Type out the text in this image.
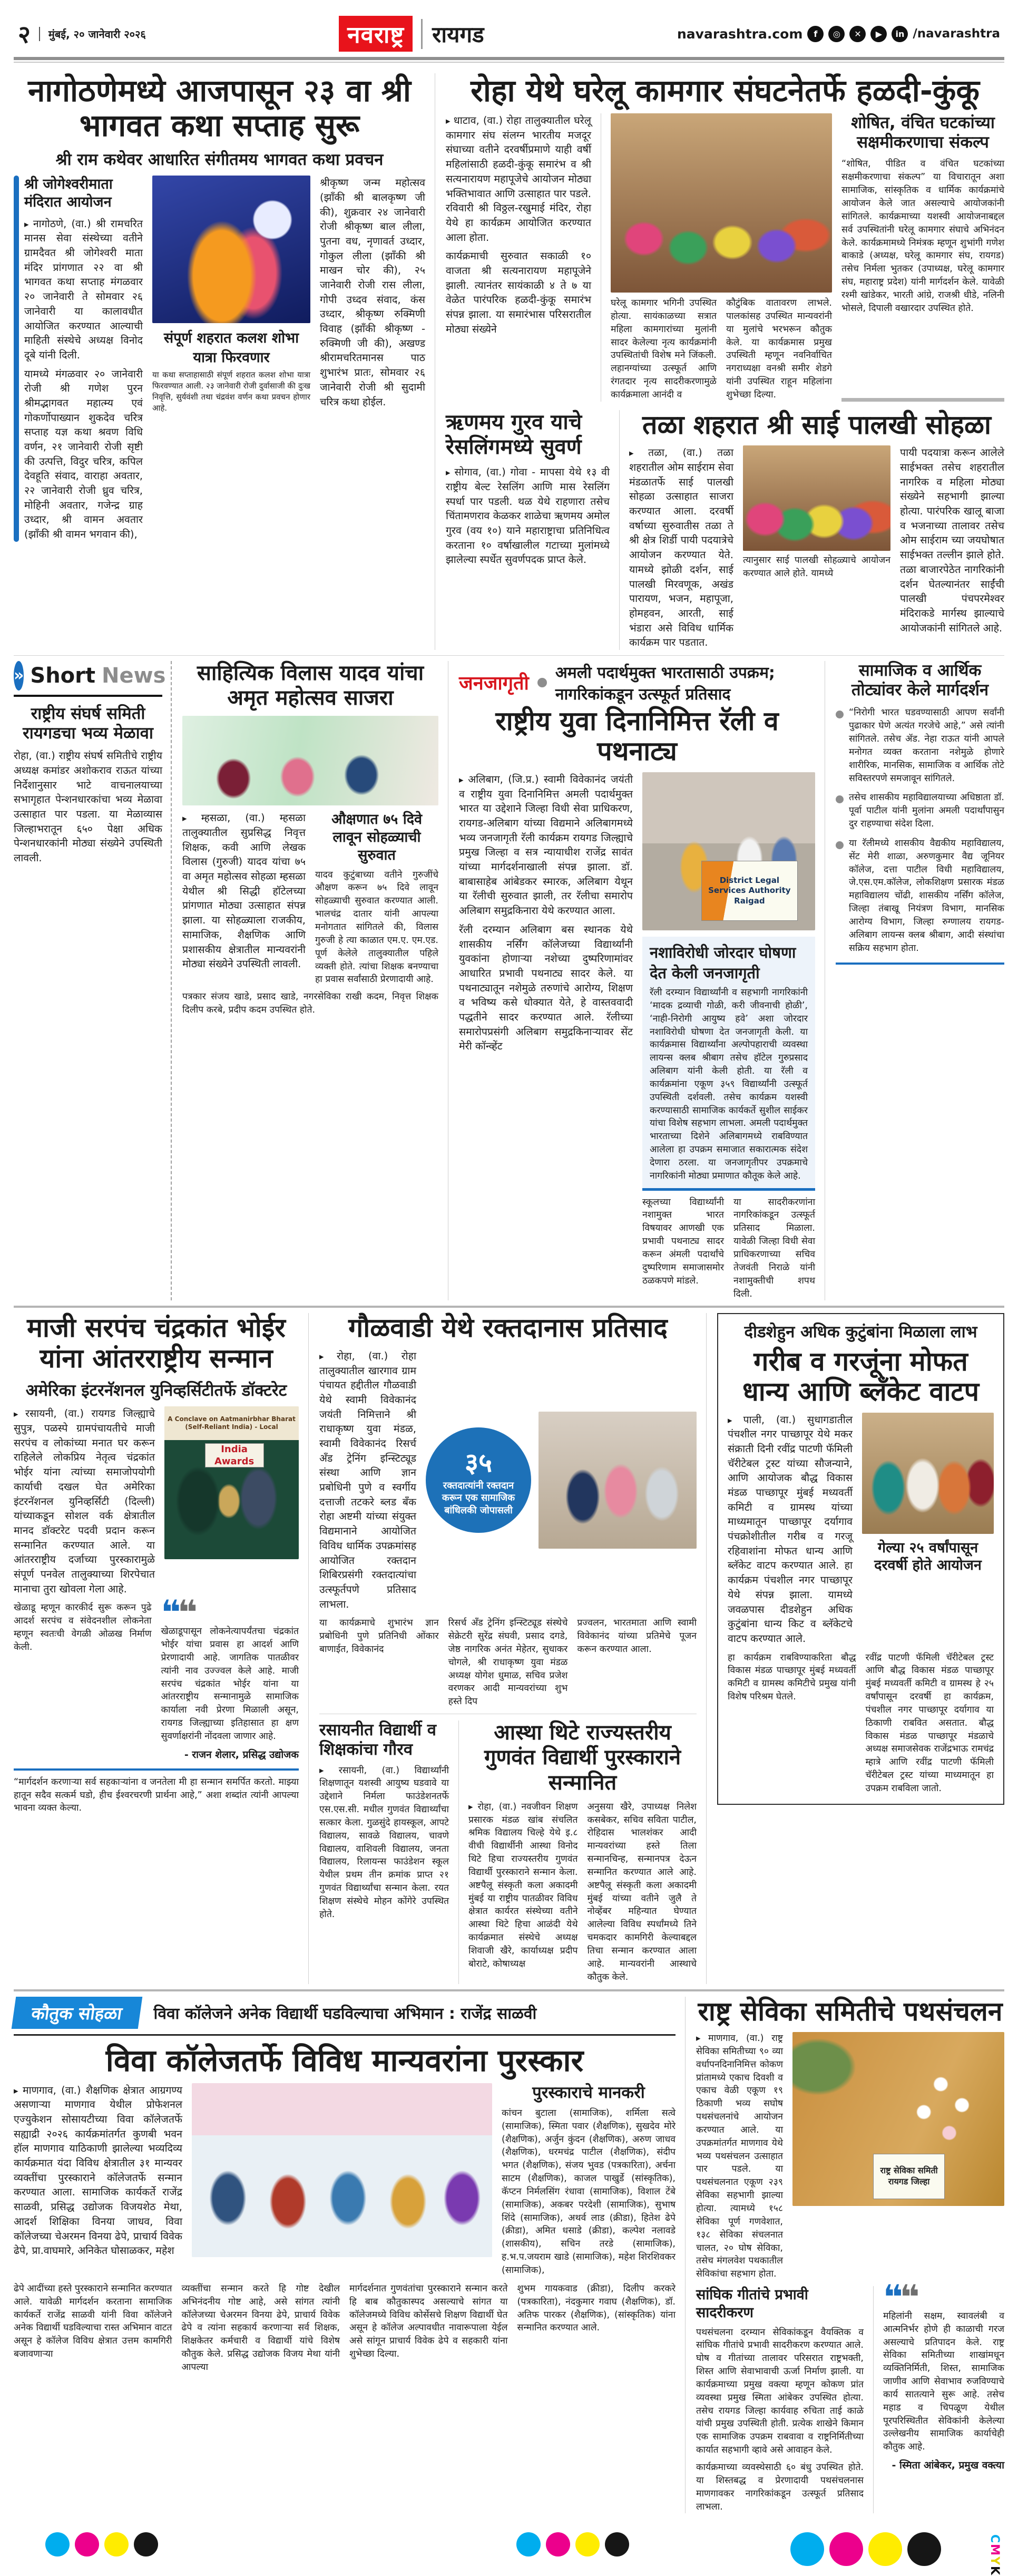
२	मुंबई, २० जानेवारी २०२६	नवराष्ट्र	रायगड	navarashtra.com	f	◎	✕	▶	in /navarashtra
नागोठणेमध्ये आजपासून २३ वा श्री भागवत कथा सप्ताह सुरू
श्री राम कथेवर आधारित संगीतमय भागवत कथा प्रवचन
श्री जोगेश्वरीमाता मंदिरात आयोजन

▸ नागोठणे, (वा.) श्री रामचरित मानस सेवा संस्थेच्या वतीने ग्रामदैवत श्री जोगेश्वरी माता मंदिर प्रांगणात २२ वा श्री भागवत कथा सप्ताह मंगळवार २० जानेवारी ते सोमवार २६ जानेवारी या कालावधीत आयोजित करण्यात आल्याची माहिती संस्थेचे अध्यक्ष विनोद दूबे यांनी दिली.

यामध्ये मंगळवार २० जानेवारी रोजी श्री गणेश पुरन श्रीमद्भागवत महात्म्य एवं गोकर्णोपाख्यान शुकदेव चरित्र सप्ताह यज्ञ कथा श्रवण विधि वर्णन, २१ जानेवारी रोजी सृष्टी की उत्पत्ति, विदुर चरित्र, कपिल देवहूति संवाद, वाराहा अवतार, २२ जानेवारी रोजी ध्रुव चरित्र, मोहिनी अवतार, गजेन्द्र ग्राह उध्दार, श्री वामन अवतार (झाँकी श्री वामन भगवान की),

संपूर्ण शहरात कलश शोभा यात्रा फिरवणार

या कथा सप्ताहासाठी संपूर्ण शहरात कलश शोभा यात्रा फिरवण्यात आली. २३ जानेवारी रोजी दुर्वासाजी की दुःख निवृत्ति, सुर्यवंशी तथा चंद्रवंश वर्णन कथा प्रवचन होणार आहे.

श्रीकृष्ण जन्म महोत्सव (झाँकी श्री बालकृष्ण जी की), शुक्रवार २४ जानेवारी रोजी श्रीकृष्ण बाल लीला, पुतना वध, नृणावर्त उध्दार, गोकुल लीला (झाँकी श्री माखन चोर की), २५ जानेवारी रोजी रास लीला, गोपी उध्दव संवाद, कंस उध्दार, श्रीकृष्ण रुक्मिणी विवाह (झाँकी श्रीकृष्ण - रुक्मिणी जी की), अखण्ड श्रीरामचरितमानस पाठ शुभारंभ प्रातः, सोमवार २६ जानेवारी रोजी श्री सुदामी चरित्र कथा होईल.

रोहा येथे घरेलू कामगार संघटनेतर्फे हळदी-कुंकू

▸ धाटाव, (वा.) रोहा तालुक्यातील घरेलू कामगार संघ संलग्न भारतीय मजदूर संघाच्या वतीने दरवर्षीप्रमाणे याही वर्षी महिलांसाठी हळदी-कुंकू समारंभ व श्री सत्यनारायण महापूजेचे आयोजन मोठ्या भक्तिभावात आणि उत्साहात पार पडले. रविवारी श्री विठ्ठल-रखुमाई मंदिर, रोहा येथे हा कार्यक्रम आयोजित करण्यात आला होता.

कार्यक्रमाची सुरुवात सकाळी १० वाजता श्री सत्यनारायण महापूजेने झाली. त्यानंतर सायंकाळी ४ ते ७ या वेळेत पारंपरिक हळदी-कुंकू समारंभ संपन्न झाला. या समारंभास परिसरातील मोठ्या संख्येने

घरेलू कामगार भगिनी उपस्थित होत्या. सायंकाळच्या सत्रात महिला कामगारांच्या मुलांनी सादर केलेल्या नृत्य कार्यक्रमांनी उपस्थितांची विशेष मने जिंकली. लहानग्यांच्या उत्स्फूर्त आणि रंगतदार नृत्य सादरीकरणामुळे कार्यक्रमाला आनंदी व

कौटुंबिक वातावरण लाभले. पालकांसह उपस्थित मान्यवरांनी या मुलांचे भरभरून कौतुक केले. या कार्यक्रमास प्रमुख उपस्थिती म्हणून नवनिर्वाचित नगराध्यक्षा वनश्री समीर शेडगे यांनी उपस्थित राहून महिलांना शुभेच्छा दिल्या.

शोषित, वंचित घटकांच्या सक्षमीकरणाचा संकल्प

“शोषित, पीडित व वंचित घटकांच्या सक्षमीकरणाचा संकल्प” या विचारातून अशा सामाजिक, सांस्कृतिक व धार्मिक कार्यक्रमांचे आयोजन केले जात असल्याचे आयोजकांनी सांगितले. कार्यक्रमाच्या यशस्वी आयोजनाबद्दल सर्व उपस्थितांनी घरेलू कामगार संघाचे अभिनंदन केले. कार्यक्रमामध्ये निमंत्रक म्हणून शुभांगी गणेश बाकाडे (अध्यक्ष, घरेलू कामगार संघ, रायगड) तसेच निर्मला भुतकर (उपाध्यक्ष, घरेलू कामगार संघ, महाराष्ट्र प्रदेश) यांनी मार्गदर्शन केले. यावेळी रश्मी खांडेकर, भारती आंग्रे, राजश्री धीडे, नलिनी भोसले, दिपाली वखारदार उपस्थित होते.

ऋणमय गुरव याचे रेसलिंगमध्ये सुवर्ण

▸ सोगाव, (वा.) गोवा - मापसा येथे १३ वी राष्ट्रीय बेल्ट रेसलिंग आणि मास रेसलिंग स्पर्धा पार पडली. थळ येथे राहणारा तसेच चिंतामणराव केळकर शाळेचा ऋणमय अमोल गुरव (वय १०) याने महाराष्ट्राचा प्रतिनिधित्व करताना १० वर्षाखालील गटाच्या मुलांमध्ये झालेल्या स्पर्धेत सुवर्णपदक प्राप्त केले.

तळा शहरात श्री साई पालखी सोहळा

▸ तळा, (वा.) तळा शहरातील ओम साईराम सेवा मंडळातर्फे साई पालखी सोहळा उत्साहात साजरा करण्यात आला. दरवर्षी वर्षाच्या सुरुवातीस तळा ते श्री क्षेत्र शिर्डी पायी पदयात्रेचे आयोजन करण्यात येते. यामध्ये झोळी दर्शन, साई पालखी मिरवणूक, अखंड पारायण, भजन, महापूजा, होमहवन, आरती, साई भंडारा असे विविध धार्मिक कार्यक्रम पार पडतात.

त्यानुसार साई पालखी सोहळ्याचे आयोजन करण्यात आले होते. यामध्ये

पायी पदयात्रा करून आलेले साईभक्त तसेच शहरातील नागरिक व महिला मोठ्या संख्येने सहभागी झाल्या होत्या. पारंपरिक खालू बाजा व भजनाच्या तालावर तसेच ओम साईराम च्या जयघोषात साईभक्त तल्लीन झाले होते. तळा बाजारपेठेत नागरिकांनी दर्शन घेतल्यानंतर साईंची पालखी पंचपरमेश्वर मंदिराकडे मार्गस्थ झाल्याचे आयोजकांनी सांगितले आहे.

» Short News
राष्ट्रीय संघर्ष समिती रायगडचा भव्य मेळावा

रोहा, (वा.) राष्ट्रीय संघर्ष समितीचे राष्ट्रीय अध्यक्ष कमांडर अशोकराव राऊत यांच्या निर्देशानुसार भाटे वाचनालयाच्या सभागृहात पेन्शनधारकांचा भव्य मेळावा उत्साहात पार पडला. या मेळाव्यास जिल्हाभरातून ६५० पेक्षा अधिक पेन्शनधारकांनी मोठ्या संख्येने उपस्थिती लावली.

साहित्यिक विलास यादव यांचा अमृत महोत्सव साजरा

▸ म्हसळा, (वा.) म्हसळा तालुक्यातील सुप्रसिद्ध निवृत्त शिक्षक, कवी आणि लेखक विलास (गुरुजी) यादव यांचा ७५ वा अमृत महोत्सव सोहळा म्हसळा येथील श्री सिद्धी हॉटेलच्या प्रांगणात मोठ्या उत्साहात संपन्न झाला. या सोहळ्याला राजकीय, सामाजिक, शैक्षणिक आणि प्रशासकीय क्षेत्रातील मान्यवरांनी मोठ्या संख्येने उपस्थिती लावली.

औक्षणात ७५ दिवे लावून सोहळ्याची सुरुवात

यादव कुटुंबाच्या वतीने गुरुजींचे औक्षण करून ७५ दिवे लावून सोहळ्याची सुरुवात करण्यात आली. भालचंद्र दातार यांनी आपल्या मनोगतात सांगितले की, विलास गुरुजी हे त्या काळात एम.ए. एम.एड. पूर्ण केलेले तालुक्यातील पहिले व्यक्ती होते. त्यांचा शिक्षक बनण्याचा हा प्रवास सर्वांसाठी प्रेरणादायी आहे.

पत्रकार संजय खाडे, प्रसाद खाडे, नगरसेविका राखी कदम, निवृत्त शिक्षक दिलीप करबे, प्रदीप कदम उपस्थित होते.

जनजागृती अमली पदार्थमुक्त भारतासाठी उपक्रम; नागरिकांकडून उत्स्फूर्त प्रतिसाद
राष्ट्रीय युवा दिनानिमित्त रॅली व पथनाट्य

▸ अलिबाग, (जि.प्र.) स्वामी विवेकानंद जयंती व राष्ट्रीय युवा दिनानिमित्त अमली पदार्थमुक्त भारत या उद्देशाने जिल्हा विधी सेवा प्राधिकरण, रायगड-अलिबाग यांच्या विद्यमाने अलिबागमध्ये भव्य जनजागृती रॅली कार्यक्रम रायगड जिल्ह्याचे प्रमुख जिल्हा व सत्र न्यायाधीश राजेंद्र सावंत यांच्या मार्गदर्शनाखाली संपन्न झाला. डॉ. बाबासाहेब आंबेडकर स्मारक, अलिबाग येथून या रॅलीची सुरुवात झाली, तर रॅलीचा समारोप अलिबाग समुद्रकिनारा येथे करण्यात आला.

रॅली दरम्यान अलिबाग बस स्थानक येथे शासकीय नर्सिंग कॉलेजच्या विद्यार्थ्यांनी युवकांना होणाऱ्या नशेच्या दुष्परिणामांवर आधारित प्रभावी पथनाट्य सादर केले. या पथनाट्यातून नशेमुळे तरुणांचे आरोग्य, शिक्षण व भविष्य कसे धोक्यात येते, हे वास्तववादी पद्धतीने सादर करण्यात आले. रॅलीच्या समारोपप्रसंगी अलिबाग समुद्रकिनाऱ्यावर सेंट मेरी कॉन्व्हेंट

District Legal Services Authority Raigad
नशाविरोधी जोरदार घोषणा देत केली जनजागृती

रॅली दरम्यान विद्यार्थ्यांनी व सहभागी नागरिकांनी ‘मादक द्रव्याची गोळी, करी जीवनाची होळी’, ‘नाही-निरोगी आयुष्य हवे’ अशा जोरदार नशाविरोधी घोषणा देत जनजागृती केली. या कार्यक्रमास विद्यार्थ्यांना अल्पोपहाराची व्यवस्था लायन्स क्लब श्रीबाग तसेच हॉटेल गुरुप्रसाद अलिबाग यांनी केली होती. या रॅली व कार्यक्रमांना एकूण ३५९ विद्यार्थ्यांनी उत्स्फूर्त उपस्थिती दर्शवली. तसेच कार्यक्रम यशस्वी करण्यासाठी सामाजिक कार्यकर्ते सुशील साईकर यांचा विशेष सहभाग लाभला. अमली पदार्थमुक्त भारताच्या दिशेने अलिबागमध्ये राबविण्यात आलेला हा उपक्रम समाजात सकारात्मक संदेश देणारा ठरला. या जनजागृतीपर उपक्रमाचे नागरिकांनी मोठ्या प्रमाणात कौतूक केले आहे.

स्कूलच्या विद्यार्थ्यांनी नशामुक्त भारत विषयावर आणखी एक प्रभावी पथनाट्य सादर करून अंमली पदार्थांचे दुष्परिणाम समाजासमोर ठळकपणे मांडले.

या सादरीकरणांना नागरिकांकडून उत्स्फूर्त प्रतिसाद मिळाला. यावेळी जिल्हा विधी सेवा प्राधिकरणाच्या सचिव तेजवंती निराळे यांनी नशामुक्तीची शपथ दिली.

सामाजिक व आर्थिक तोट्यांवर केले मार्गदर्शन

“निरोगी भारत घडवण्यासाठी आपण सर्वांनी पुढाकार घेणे अत्यंत गरजेचे आहे,” असे त्यांनी सांगितले. तसेच ॲड. नेहा राऊत यांनी आपले मनोगत व्यक्त करताना नशेमुळे होणारे शारीरिक, मानसिक, सामाजिक व आर्थिक तोटे सविस्तरपणे समजावून सांगितले.

तसेच शासकीय महाविद्यालयाच्या अधिष्ठाता डॉ. पूर्वा पाटील यांनी मुलांना अमली पदार्थांपासुन दुर राहण्याचा संदेश दिला.

या रॅलीमध्ये शासकीय वैद्यकीय महाविद्यालय, सेंट मेरी शाळा, अरुणकुमार वैद्य जूनियर कॉलेज, दत्ता पाटील विधी महाविद्यालय, जे.एस.एम.कॉलेज, लोकशिक्षण प्रसारक मंडळ महाविद्यालय चोंढी, शासकीय नर्सिंग कॉलेज, जिल्हा तंबाखू नियंत्रण विभाग, मानसिक आरोग्य विभाग, जिल्हा रुग्णालय रायगड-अलिबाग लायन्स क्लब श्रीबाग, आदी संस्थांचा सक्रिय सहभाग होता.

माजी सरपंच चंद्रकांत भोईर यांना आंतरराष्ट्रीय सन्मान
अमेरिका इंटरनॅशनल युनिव्हर्सिटीतर्फे डॉक्टरेट

▸ रसायनी, (वा.) रायगड जिल्ह्याचे सुपुत्र, पळस्पे ग्रामपंचायतीचे माजी सरपंच व लोकांच्या मनात घर करून राहिलेले लोकप्रिय नेतृत्व चंद्रकांत भोईर यांना त्यांच्या समाजोपयोगी कार्याची दखल घेत अमेरिका इंटरनॅशनल युनिव्हर्सिटी (दिल्ली) यांच्याकडून सोशल वर्क क्षेत्रातील मानद डॉक्टरेट पदवी प्रदान करून सन्मानित करण्यात आले. या आंतरराष्ट्रीय दर्जाच्या पुरस्कारामुळे संपूर्ण पनवेल तालुक्याच्या शिरपेचात मानाचा तुरा खोवला गेला आहे.

A Conclave on Aatmanirbhar Bharat (Self-Reliant India) - Local
India Awards

खेळाडू म्हणून कारकीर्द सुरू करून पुढे आदर्श सरपंच व संवेदनशील लोकनेता म्हणून स्वतःची वेगळी ओळख निर्माण केली.

❝❝

खेळाडूपासून लोकनेत्यापर्यंतचा चंद्रकांत भोईर यांचा प्रवास हा आदर्श आणि प्रेरणादायी आहे. जागतिक पातळीवर त्यांनी नाव उज्ज्वल केले आहे. माजी सरपंच चंद्रकांत भोईर यांना या आंतरराष्ट्रीय सन्मानामुळे सामाजिक कार्याला नवी प्रेरणा मिळाली असून, रायगड जिल्ह्याच्या इतिहासात हा क्षण सुवर्णाक्षरांनी नोंदवला जाणार आहे.

- राजन शेलार, प्रसिद्ध उद्योजक

“मार्गदर्शन करणाऱ्या सर्व सहकाऱ्यांना व जनतेला मी हा सन्मान समर्पित करतो. माझ्या हातून सदैव सत्कर्म घडो, हीच ईश्वरचरणी प्रार्थना आहे,” अशा शब्दांत त्यांनी आपल्या भावना व्यक्त केल्या.

गौळवाडी येथे रक्तदानास प्रतिसाद

▸ रोहा, (वा.) रोहा तालुक्यातील खारगाव ग्राम पंचायत हद्दीतील गौळवाडी येथे स्वामी विवेकानंद जयंती निमित्ताने श्री राधाकृष्ण युवा मंडळ, स्वामी विवेकानंद रिसर्च अँड ट्रेनिंग इन्स्टिट्यूड संस्था आणि ज्ञान प्रबोधिनी पुणे व स्वर्गीय दत्ताजी तटकरे ब्लड बँक रोहा अष्टमी यांच्या संयुक्त विद्यमानाने आयोजित विविध धार्मिक उपक्रमांसह आयोजित रक्तदान शिबिरप्रसंगी रक्तदात्यांचा उत्स्फूर्तपणे प्रतिसाद लाभला.

३५
रक्तदात्यांनी रक्तदान करून एक सामाजिक बांधिलकी जोपासली

या कार्यक्रमाचे शुभारंभ ज्ञान प्रबोधिनी पुणे प्रतिनिधी ओंकार बाणाईत, विवेकानंद

रिसर्च अँड ट्रेनिंग इन्स्टिट्यूड संस्थेचे सेक्रेटरी सुरेंद्र संघवी, प्रसाद दगडे, जेष्ठ नागरिक अनंत मेहेतर, सुधाकर चोगले, श्री राधाकृष्ण युवा मंडळ अध्यक्ष योगेश धुमाळ, सचिव प्रजेश वरणकर आदी मान्यवरांच्या शुभ हस्ते दिप

प्रज्वलन, भारतमाता आणि स्वामी विवेकानंद यांच्या प्रतिमेचे पूजन करून करण्यात आला.

रसायनीत विद्यार्थी व शिक्षकांचा गौरव

▸ रसायनी, (वा.) विद्यार्थ्यांनी शिक्षणातून यशस्वी आयुष्य घडवावे या उद्देशाने निर्मला फाउंडेशनतर्फे एस.एस.सी. मधील गुणवंत विद्यार्थ्यांचा सत्कार केला. गुळसुंदे हायस्कूल, आपटे विद्यालय, सावळे विद्यालय, चावणे विद्यालय, वाशिवली विद्यालय, जनता विद्यालय, रिलायन्स फाउंडेशन स्कूल येथील प्रथम तीन क्रमांक प्राप्त २१ गुणवंत विद्यार्थ्यांचा सन्मान केला. रयत शिक्षण संस्थेचे मोहन कोंगेरे उपस्थित होते.

आस्था थिटे राज्यस्तरीय गुणवंत विद्यार्थी पुरस्काराने सन्मानित

▸ रोहा, (वा.) नवजीवन शिक्षण प्रसारक मंडळ खांब संचलित श्रमिक विद्यालय चिल्हे येथे इ.८ वीची विद्यार्थीनी आस्था विनोद थिटे हिचा राज्यस्तरीय गुणवंत विद्यार्थी पुरस्काराने सन्मान केला. अष्टपैलू संस्कृती कला अकादमी मुंबई या राष्ट्रीय पातळीवर विविध क्षेत्रात कार्यरत संस्थेच्या वतीने आस्था थिटे हिचा आळंदी येथे कार्यक्रमात संस्थेचे अध्यक्ष शिवाजी खैरे, कार्याध्यक्ष प्रदीप बोराटे, कोषाध्यक्ष

अनुसया खैरे, उपाध्यक्ष निलेश कसबेकर, सचिव सविता पाटील, रोहिदास भालशंकर आदी मान्यवरांच्या हस्ते तिला सन्मानचिन्ह, सन्मानपत्र देऊन सन्मानित करण्यात आले आहे. अष्टपैलू संस्कृती कला अकादमी मुंबई यांच्या वतीने जुलै ते नोव्हेंबर महिन्यात घेण्यात आलेल्या विविध स्पर्धांमध्ये तिने चमकदार कामगिरी केल्याबद्दल तिचा सन्मान करण्यात आला आहे. मान्यवरांनी आस्थाचे कौतुक केले.

दीडशेहुन अधिक कुटुंबांना मिळाला लाभ
गरीब व गरजूंना मोफत धान्य आणि ब्लँकेट वाटप

▸ पाली, (वा.) सुधागडातील पंचशील नगर पाच्छापूर येथे मकर संक्राती दिनी रवींद्र पाटणी फॅमिली चॅरीटेबल ट्रस्ट यांच्या सौजन्याने, आणि आयोजक बौद्ध विकास मंडळ पाच्छापूर मुंबई मध्यवर्ती कमिटी व ग्रामस्थ यांच्या माध्यमातून पाच्छापूर दर्यागाव पंचक्रोशीतील गरीब व गरजू रहिवाशांना मोफत धान्य आणि ब्लॅकेट वाटप करण्यात आले. हा कार्यक्रम पंचशील नगर पाच्छापूर येथे संपन्न झाला. यामध्ये जवळपास दीडशेहुन अधिक कुटुंबांना धान्य किट व ब्लॅकेटचे वाटप करण्यात आले.

गेल्या २५ वर्षांपासून दरवर्षी होते आयोजन

हा कार्यक्रम राबविण्याकरिता बौद्ध विकास मंडळ पाच्छापूर मुंबई मध्यवर्ती कमिटी व ग्रामस्थ कमिटीचे प्रमुख यांनी विशेष परिश्रम घेतले.

रवींद्र पाटणी फॅमिली चॅरीटेबल ट्रस्ट आणि बौद्ध विकास मंडळ पाच्छापूर मुंबई मध्यवर्ती कमिटी व ग्रामस्थ हे २५ वर्षांपासून दरवर्षी हा कार्यक्रम, पंचशील नगर पाच्छापूर दर्यागाव या ठिकाणी राबवित असतात. बौद्ध विकास मंडळ पाच्छापूर मंडळाचे अध्यक्ष समाजसेवक राजेंद्रभाऊ रामचंद्र म्हात्रे आणि रवींद्र पाटणी फॅमिली चॅरीटेबल ट्रस्ट यांच्या माध्यमातून हा उपक्रम राबविला जातो.

कौतुक सोहळा	विवा कॉलेजने अनेक विद्यार्थी घडविल्याचा अभिमान : राजेंद्र साळवी
विवा कॉलेजतर्फे विविध मान्यवरांना पुरस्कार

▸ माणगाव, (वा.) शैक्षणिक क्षेत्रात आग्रगण्य असणाऱ्या माणगाव येथील प्रोफेशनल एज्युकेशन सोसायटीच्या विवा कॉलेजतर्फे सह्याद्री २०२६ कार्यक्रमांतर्गत कुणबी भवन हॉल माणगाव याठिकाणी झालेल्या भव्यदिव्य कार्यक्रमात यंदा विविध क्षेत्रातील ३१ मान्यवर व्यक्तींचा पुरस्काराने कॉलेजतर्फे सन्मान करण्यात आला. सामाजिक कार्यकर्ते राजेंद्र साळवी, प्रसिद्ध उद्योजक विजयशेठ मेथा, आदर्श शिक्षिका विनया जाधव, विवा कॉलेजच्या चेअरमन विनया ढेपे, प्राचार्य विवेक ढेपे, प्रा.वाघमारे, अनिकेत घोसाळकर, महेश

पुरस्काराचे मानकरी

कांचन बुटाला (सामाजिक), शर्मिला सत्वे (सामाजिक), स्मिता पवार (शैक्षणिक), सुखदेव मोरे (शैक्षणिक), अर्जुन कुंदन (शैक्षणिक), अरुण जाधव (शैक्षणिक), धरमचंद्र पाटील (शैक्षणिक), संदीप भगत (शैक्षणिक), संजय भुवड (पत्रकारिता), अर्चना साटम (शैक्षणिक), काजल पाखुर्डे (सांस्कृतिक), कॅप्टन निर्मलसिंग रंधावा (सामाजिक), विशाल टेंबे (सामाजिक), अकबर परदेशी (सामाजिक), सुभाष शिंदे (सामाजिक), अथर्व लाड (क्रीडा), हितेश ढेपे (क्रीडा), अमित धसाडे (क्रीडा), कल्पेश नलावडे (शासकीय), सचिन तरडे (सामाजिक), ह.भ.प.जयराम खाडे (सामाजिक), महेश शिरशिवकर (सामाजिक),

ढेपे आदींच्या हस्ते पुरस्काराने सन्मानित करण्यात आले. यावेळी मार्गदर्शन करताना सामाजिक कार्यकर्ते राजेंद्र साळवी यांनी विवा कॉलेजने अनेक विद्यार्थी घडविल्याचा रास्त अभिमान वाटत असून हे कॉलेज विविध क्षेत्रात उत्तम कामगिरी बजावणाऱ्या

व्यक्तींचा सन्मान करते हि गोष्ट देखील अभिनंदनीय गोष्ट आहे, असे सांगत त्यांनी कॉलेजच्या चेअरमन विनया ढेपे, प्राचार्य विवेक ढेपे व त्यांना सहकार्य करणाऱ्या सर्व शिक्षक, शिक्षकेतर कर्मचारी व विद्यार्थी यांचे विशेष कौतुक केले. प्रसिद्ध उद्योजक विजय मेथा यांनी आपल्या

मार्गदर्शनात गुणवंतांचा पुरस्काराने सन्मान करते हि बाब कौतुकास्पद असल्याचे सांगत या कॉलेजमध्ये विविध कोर्सेसचे शिक्षण विद्यार्थी घेत असून हे कॉलेज अल्पावधीत नावारूपाला येईल असे सांगून प्राचार्य विवेक ढेपे व सहकारी यांना शुभेच्छा दिल्या.

शुभम गायकवाड (क्रीडा), दिलीप करकरे (पत्रकारिता), नंदकुमार गवाघ (शैक्षणिक), डॉ. अतिफ पारकर (शैक्षणिक), (सांस्कृतिक) यांना सन्मानित करण्यात आले.

राष्ट्र सेविका समितीचे पथसंचलन

▸ माणगाव, (वा.) राष्ट्र सेविका समितीच्या ९० व्या वर्धापनदिनानिमित्त कोकण प्रांतामध्ये एकाच दिवशी व एकाच वेळी एकूण १९ ठिकाणी भव्य सघोष पथसंचलनांचे आयोजन करण्यात आले. या उपक्रमांतर्गत माणगाव येथे भव्य पथसंचलन उत्साहात पार पडले. या पथसंचलनात एकूण २३९ सेविका सहभागी झाल्या होत्या. त्यामध्ये १५८ सेविका पूर्ण गणवेशात, १३८ सेविका संचलनात चालत, २० घोष सेविका, तसेच मंगलवेश पथकातील सेविकांचा सहभाग होता.

राष्ट्र सेविका समिती रायगड जिल्हा
सांघिक गीतांचे प्रभावी सादरीकरण

पथसंचलना दरम्यान सेविकांकडून वैयक्तिक व सांघिक गीतांचे प्रभावी सादरीकरण करण्यात आले. घोष व गीतांच्या तालावर परिसरात राष्ट्रभक्ती, शिस्त आणि सेवाभावाची ऊर्जा निर्माण झाली. या कार्यक्रमाच्या प्रमुख वक्त्या म्हणून कोकण प्रांत व्यवस्था प्रमुख स्मिता आंबेकर उपस्थित होत्या. तसेच रायगड जिल्हा कार्यवाह रुचिता ताई काळे यांची प्रमुख उपस्थिती होती. प्रत्येक शाखेने किमान एक सामाजिक उपक्रम राबवावा व राष्ट्रनिर्मितीच्या कार्यात सहभागी व्हावे असे आवाहन केले.

कार्यक्रमाच्या व्यवस्थेसाठी ६० बंधु उपस्थित होते. या शिस्तबद्ध व प्रेरणादायी पथसंचलनास माणगावकर नागरिकांकडून उत्स्फूर्त प्रतिसाद लाभला.

❝❝

महिलांनी सक्षम, स्वावलंबी व आत्मनिर्भर होणे ही काळाची गरज असल्याचे प्रतिपादन केले. राष्ट्र सेविका समितीच्या शाखांमधून व्यक्तिनिर्मिती, शिस्त, सामाजिक जाणीव आणि सेवाभाव रुजविण्याचे कार्य सातत्याने सुरू आहे. तसेच महाड व चिपळूण येथील पूरपरिस्थितीत सेविकांनी केलेल्या उल्लेखनीय सामाजिक कार्याचेही कौतुक आहे.

- स्मिता आंबेकर, प्रमुख वक्त्या
CMYK
